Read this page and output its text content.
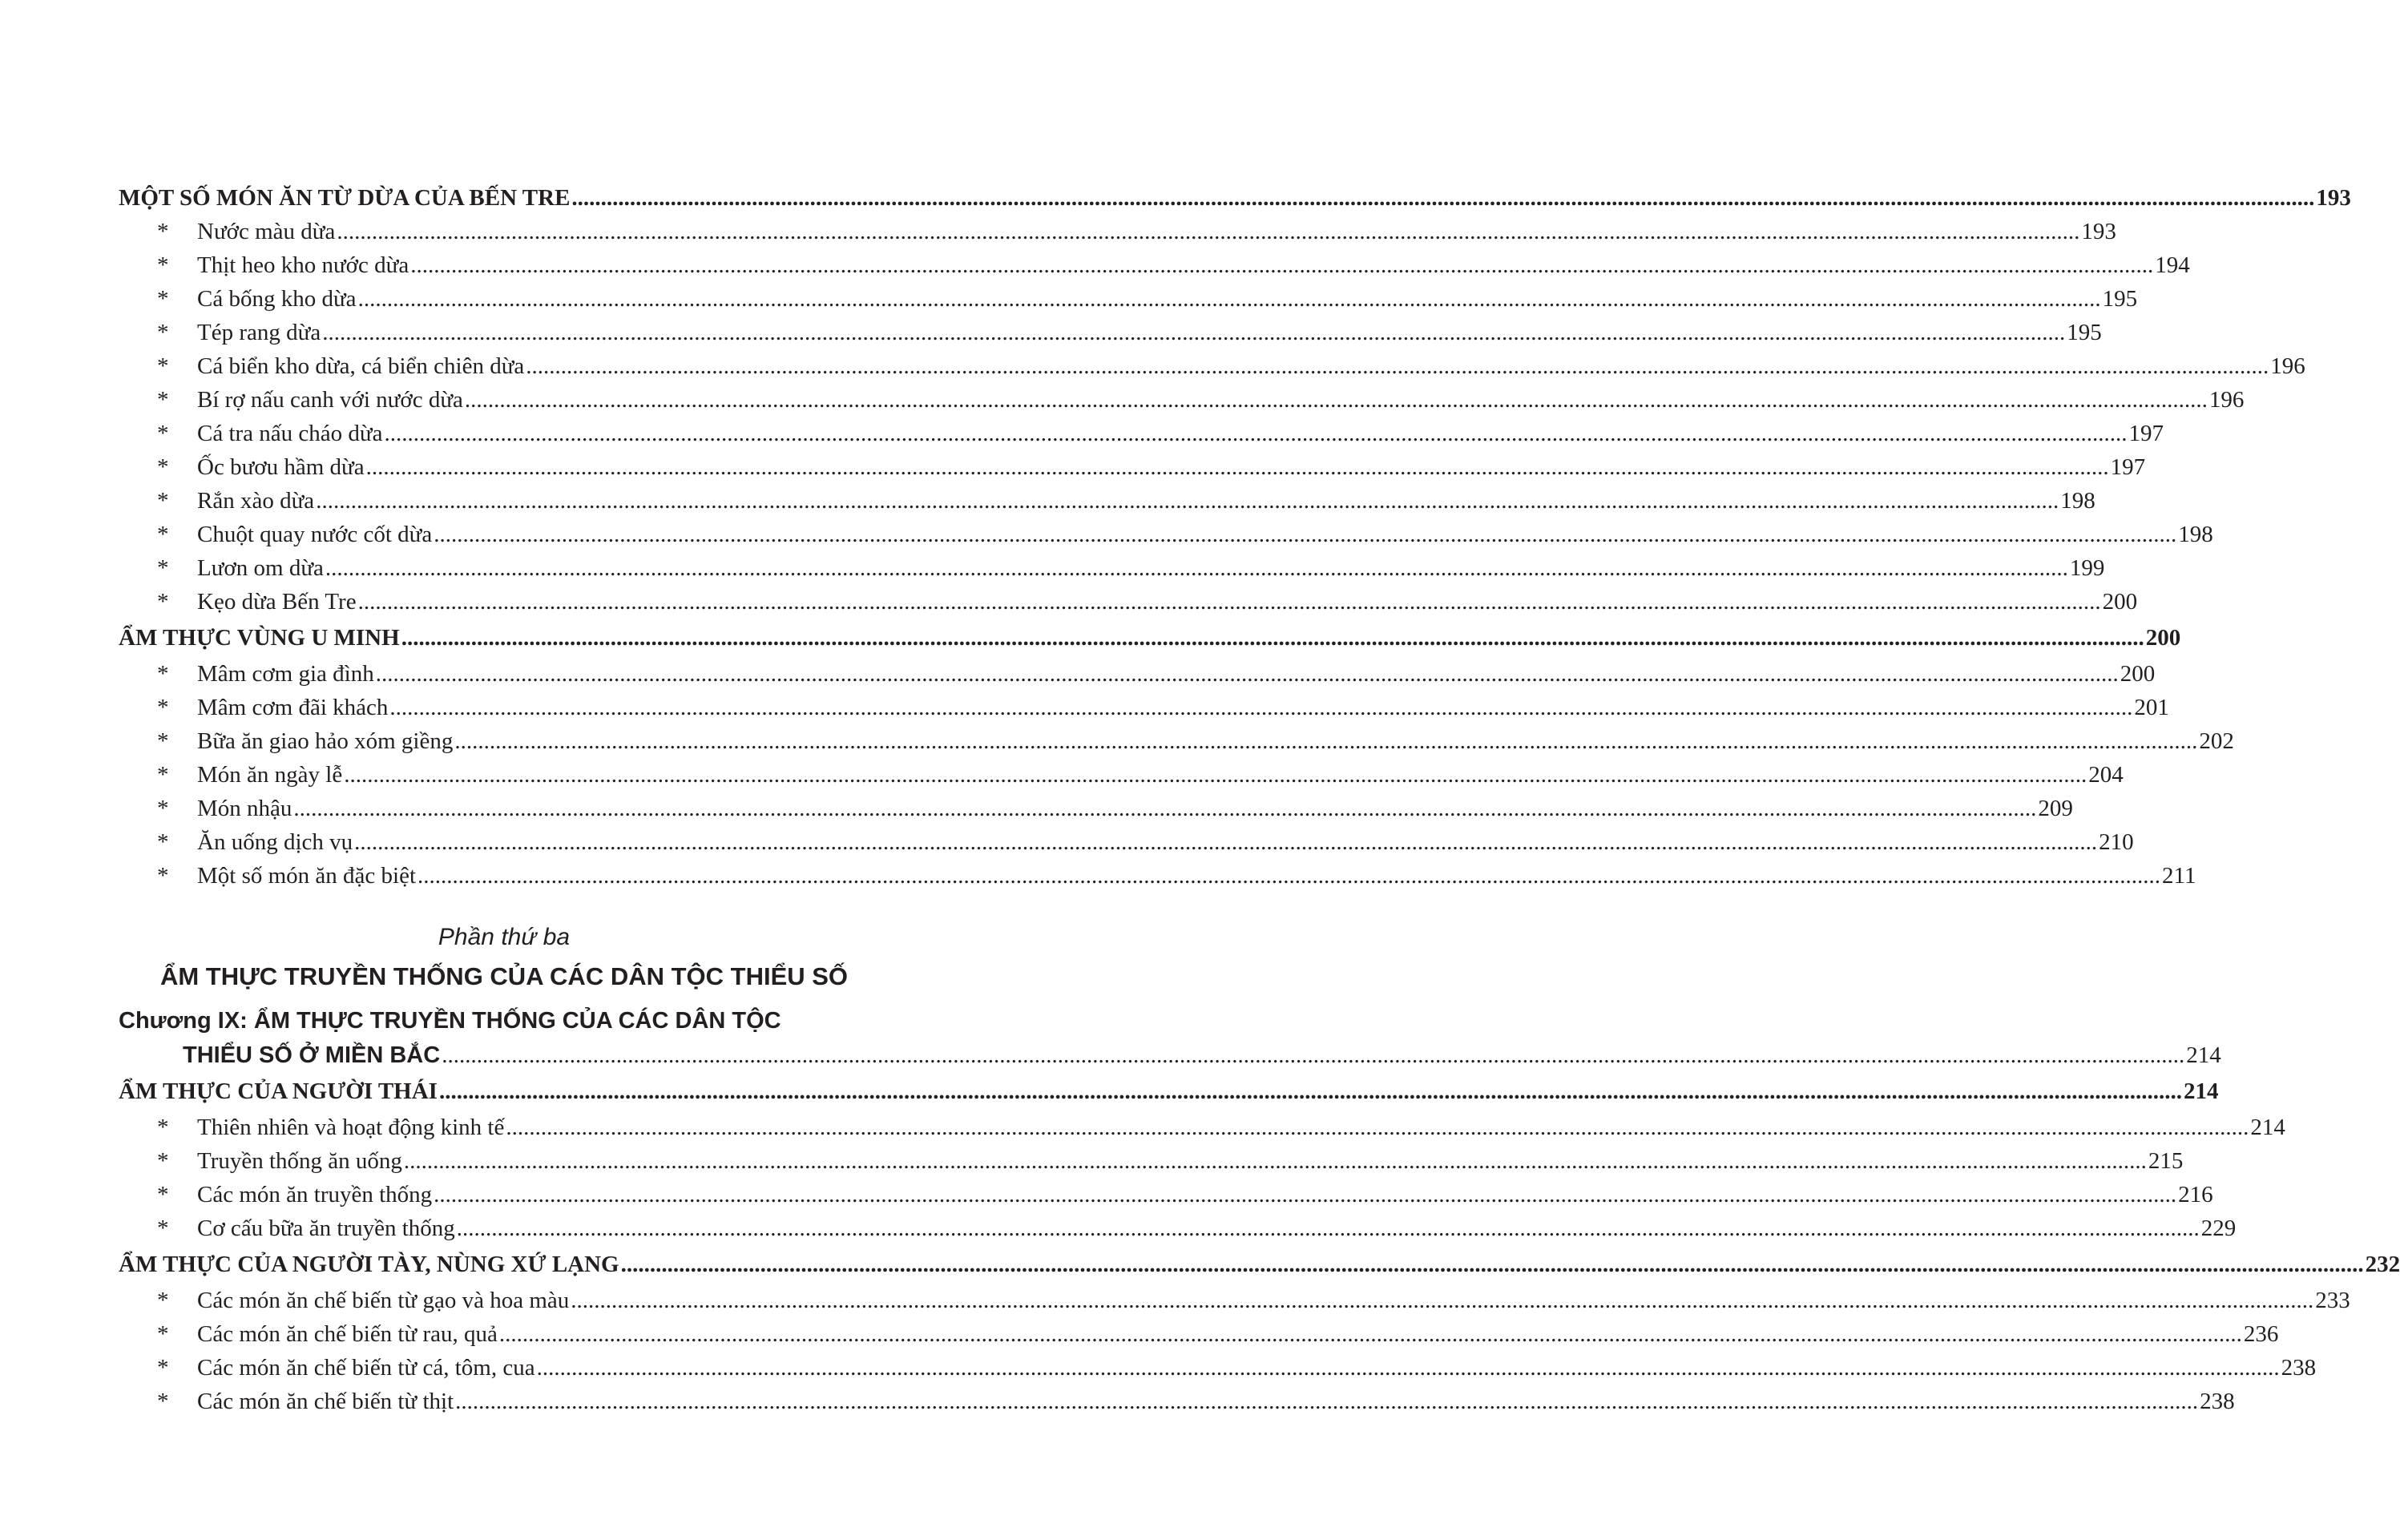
MỘT SỐ MÓN ĂN TỪ DỪA CỦA BẾN TRE ............................................................................................................................................................................................................................................................................................................ 193
*	Nước màu dừa ............................................................................................................................................................................................................................................................................................................ 193
*	Thịt heo kho nước dừa ............................................................................................................................................................................................................................................................................................................ 194
*	Cá bống kho dừa ............................................................................................................................................................................................................................................................................................................ 195
*	Tép rang dừa ............................................................................................................................................................................................................................................................................................................ 195
*	Cá biển kho dừa, cá biển chiên dừa ............................................................................................................................................................................................................................................................................................................ 196
*	Bí rợ nấu canh với nước dừa ............................................................................................................................................................................................................................................................................................................ 196
*	Cá tra nấu cháo dừa ............................................................................................................................................................................................................................................................................................................ 197
*	Ốc bươu hầm dừa ............................................................................................................................................................................................................................................................................................................ 197
*	Rắn xào dừa ............................................................................................................................................................................................................................................................................................................ 198
*	Chuột quay nước cốt dừa ............................................................................................................................................................................................................................................................................................................ 198
*	Lươn om dừa ............................................................................................................................................................................................................................................................................................................ 199
*	Kẹo dừa Bến Tre ............................................................................................................................................................................................................................................................................................................ 200
ẨM THỰC VÙNG U MINH ............................................................................................................................................................................................................................................................................................................ 200
*	Mâm cơm gia đình ............................................................................................................................................................................................................................................................................................................ 200
*	Mâm cơm đãi khách ............................................................................................................................................................................................................................................................................................................ 201
*	Bữa ăn giao hảo xóm giềng ............................................................................................................................................................................................................................................................................................................ 202
*	Món ăn ngày lễ ............................................................................................................................................................................................................................................................................................................ 204
*	Món nhậu ............................................................................................................................................................................................................................................................................................................ 209
*	Ăn uống dịch vụ ............................................................................................................................................................................................................................................................................................................ 210
*	Một số món ăn đặc biệt ............................................................................................................................................................................................................................................................................................................ 211
Phần thứ ba
ẨM THỰC TRUYỀN THỐNG CỦA CÁC DÂN TỘC THIỂU SỐ
Chương IX: ẨM THỰC TRUYỀN THỐNG CỦA CÁC DÂN TỘC
THIỂU SỐ Ở MIỀN BẮC ............................................................................................................................................................................................................................................................................................................ 214
ẨM THỰC CỦA NGƯỜI THÁI ............................................................................................................................................................................................................................................................................................................ 214
*	Thiên nhiên và hoạt động kinh tế ............................................................................................................................................................................................................................................................................................................ 214
*	Truyền thống ăn uống ............................................................................................................................................................................................................................................................................................................ 215
*	Các món ăn truyền thống ............................................................................................................................................................................................................................................................................................................ 216
*	Cơ cấu bữa ăn truyền thống ............................................................................................................................................................................................................................................................................................................ 229
ẨM THỰC CỦA NGƯỜI TÀY, NÙNG XỨ LẠNG ............................................................................................................................................................................................................................................................................................................ 232
*	Các món ăn chế biến từ gạo và hoa màu ............................................................................................................................................................................................................................................................................................................ 233
*	Các món ăn chế biến từ rau, quả ............................................................................................................................................................................................................................................................................................................ 236
*	Các món ăn chế biến từ cá, tôm, cua ............................................................................................................................................................................................................................................................................................................ 238
*	Các món ăn chế biến từ thịt ............................................................................................................................................................................................................................................................................................................ 238
